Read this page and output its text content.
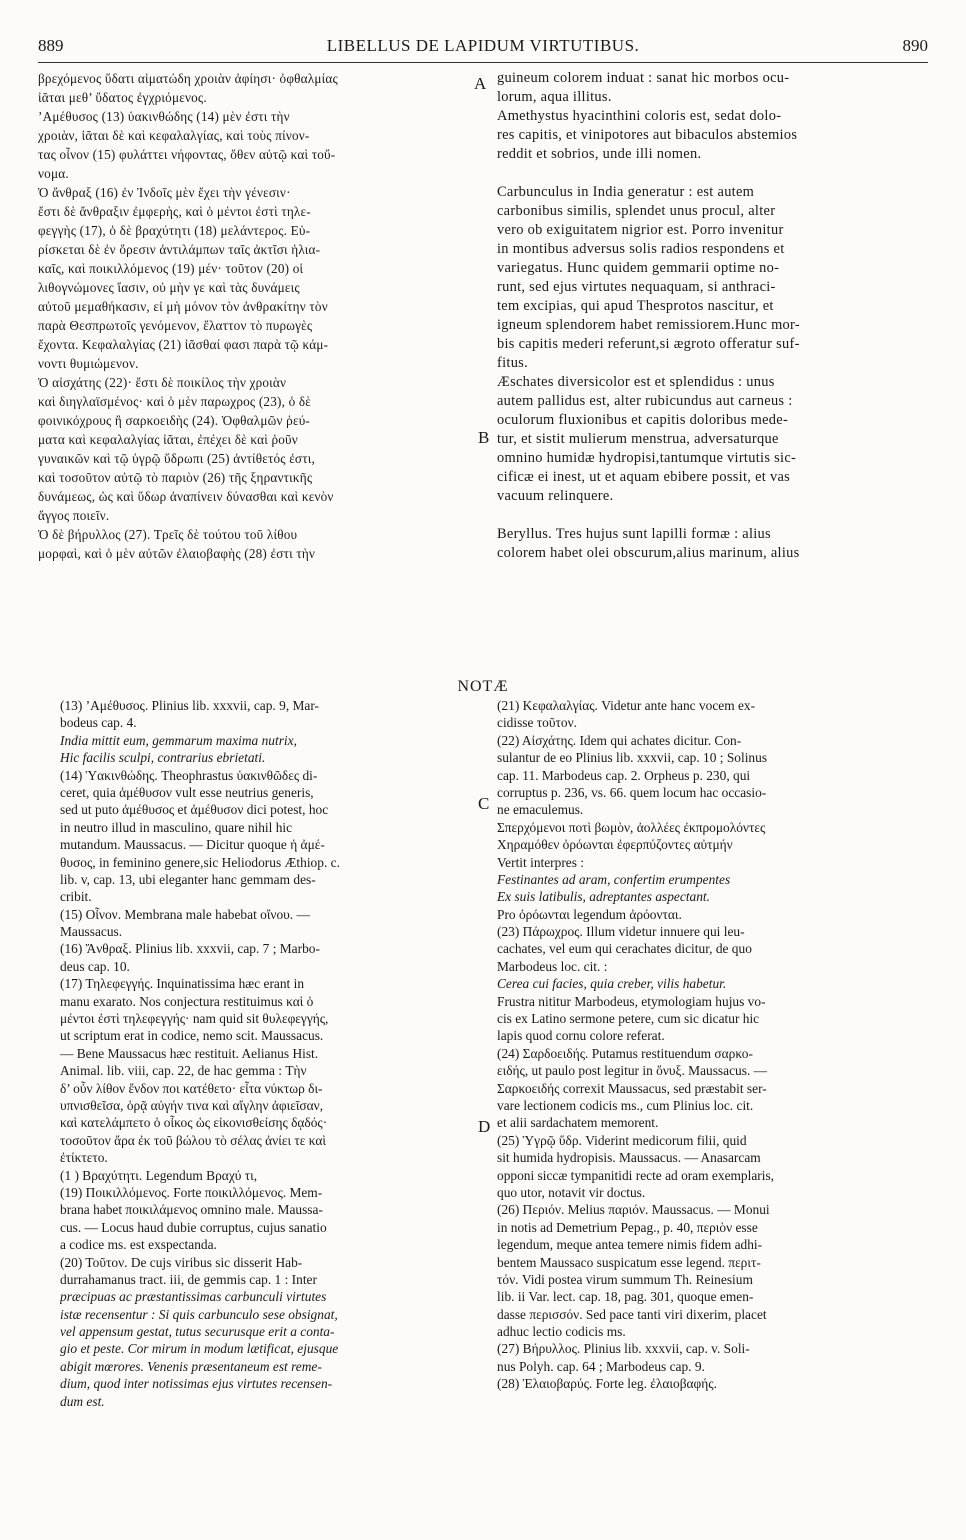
889	LIBELLUS DE LAPIDUM VIRTUTIBUS.	890
βρεχόμενος ὕδατι αἱματώδη χροιὰν ἀφίησι· ὀφθαλμίας
ἰᾶται μεθ’ ὕδατος ἐγχριόμενος.
’Αμέθυσος (13) ὑακινθώδης (14) μὲν ἐστι τὴν
χροιὰν, ἰᾶται δὲ καὶ κεφαλαλγίας, καὶ τοὺς πίνον-
τας οἶνον (15) φυλάττει νήφοντας, ὅθεν αὐτῷ καὶ τοὔ-
νομα.
Ὁ ἄνθραξ (16) ἐν Ἰνδοῖς μὲν ἔχει τὴν γένεσιν·
ἔστι δὲ ἄνθραξιν ἐμφερὴς, καὶ ὁ μέντοι ἐστὶ τηλε-
φεγγὴς (17), ὁ δὲ βραχύτητι (18) μελάντερος. Εὑ-
ρίσκεται δὲ ἐν ὄρεσιν ἀντιλάμπων ταῖς ἀκτῖσι ἡλια-
καῖς, καὶ ποικιλλόμενος (19) μέν· τοῦτον (20) οἱ
λιθογνώμονες ἴασιν, οὐ μὴν γε καὶ τὰς δυνάμεις
αὐτοῦ μεμαθήκασιν, εἰ μὴ μόνον τὸν ἀνθρακίτην τὸν
παρὰ Θεσπρωτοῖς γενόμενον, ἔλαττον τὸ πυρωγὲς
ἔχοντα. Κεφαλαλγίας (21) ἰᾶσθαί φασι παρὰ τῷ κάμ-
νοντι θυμιώμενον.
Ὁ αἰσχάτης (22)· ἔστι δὲ ποικίλος τὴν χροιὰν
καὶ διηγλαϊσμένος· καὶ ὁ μὲν παρωχρος (23), ὁ δὲ
φοινικόχρους ἢ σαρκοειδὴς (24). Ὀφθαλμῶν ῥεύ-
ματα καὶ κεφαλαλγίας ἰᾶται, ἐπέχει δὲ καὶ ῥοῦν
γυναικῶν καὶ τῷ ὑγρῷ ὕδρωπι (25) ἀντίθετός ἐστι,
καὶ τοσοῦτον αὐτῷ τὸ παριὸν (26) τῆς ξηραντικῆς
δυνάμεως, ὡς καὶ ὕδωρ ἀναπίνειν δύνασθαι καὶ κενὸν
ἄγγος ποιεῖν.
Ὁ δὲ βήρυλλος (27). Τρεῖς δὲ τούτου τοῦ λίθου
μορφαὶ, καὶ ὁ μὲν αὐτῶν ἐλαιοβαφὴς (28) ἐστι τὴν
guineum colorem induat : sanat hic morbos ocu-
lorum, aqua illitus.
Amethystus hyacinthini coloris est, sedat dolo-
res capitis, et vinipotores aut bibaculos abstemios
reddit et sobrios, unde illi nomen.

Carbunculus in India generatur : est autem
carbonibus similis, splendet unus procul, alter
vero ob exiguitatem nigrior est. Porro invenitur
in montibus adversus solis radios respondens et
variegatus. Hunc quidem gemmarii optime no-
runt, sed ejus virtutes nequaquam, si anthraci-
tem excipias, qui apud Thesprotos nascitur, et
igneum splendorem habet remissiorem.Hunc mor-
bis capitis mederi referunt,si ægroto offeratur suf-
fitus.
Æschates diversicolor est et splendidus : unus
autem pallidus est, alter rubicundus aut carneus :
oculorum fluxionibus et capitis doloribus mede-
tur, et sistit mulierum menstrua, adversaturque
omnino humidæ hydropisi,tantumque virtutis sic-
cificæ ei inest, ut et aquam ebibere possit, et vas
vacuum relinquere.

Beryllus. Tres hujus sunt lapilli formæ : alius
colorem habet olei obscurum,alius marinum, alius
A
B
C
D
NOTÆ
(13) ’Αμέθυσος. Plinius lib. xxxvii, cap. 9, Mar-
bodeus cap. 4.
India mittit eum, gemmarum maxima nutrix,
Hic facilis sculpi, contrarius ebrietati.
(14) Ὑακινθώδης. Theophrastus ὑακινθῶδες di-
ceret, quia ἀμέθυσον vult esse neutrius generis,
sed ut puto ἀμέθυσος et ἀμέθυσον dici potest, hoc
in neutro illud in masculino, quare nihil hic
mutandum. Maussacus. — Dicitur quoque ἡ ἀμέ-
θυσος, in feminino genere,sic Heliodorus Æthiop. c.
lib. v, cap. 13, ubi eleganter hanc gemmam des-
cribit.
(15) Οἶνον. Membrana male habebat οἴνου. —
Maussacus.
(16) Ἄνθραξ. Plinius lib. xxxvii, cap. 7 ; Marbo-
deus cap. 10.
(17) Τηλεφεγγής. Inquinatissima hæc erant in
manu exarato. Nos conjectura restituimus καὶ ὁ
μέντοι ἐστὶ τηλεφεγγής· nam quid sit θυλεφεγγής,
ut scriptum erat in codice, nemo scit. Maussacus.
— Bene Maussacus hæc restituit. Aelianus Hist.
Animal. lib. viii, cap. 22, de hac gemma : Τὴν
δ’ οὖν λίθον ἔνδον ποι κατέθετο· εἶτα νύκτωρ δι-
υπνισθεῖσα, ὁρᾷ αὐγήν τινα καὶ αἴγλην ἀφιεῖσαν,
καὶ κατελάμπετο ὁ οἶκος ὡς εἰκονισθείσης δᾳδός·
τοσοῦτον ἄρα ἐκ τοῦ βώλου τὸ σέλας ἀνίει τε καὶ
ἐτίκτετο.
(1 ) Βραχύτητι. Legendum Βραχύ τι,
(19) Ποικιλλόμενος. Forte ποικιλλόμενος. Mem-
brana habet ποικιλάμενος omnino male. Maussa-
cus. — Locus haud dubie corruptus, cujus sanatio
a codice ms. est exspectanda.
(20) Τοῦτον. De cujs viribus sic disserit Hab-
durrahamanus tract. iii, de gemmis cap. 1 : Inter
præcipuas ac præstantissimas carbunculi virtutes
istæ recensentur : Si quis carbunculo sese obsignat,
vel appensum gestat, tutus securusque erit a conta-
gio et peste. Cor mirum in modum lætificat, ejusque
abigit mœrores. Venenis præsentaneum est reme-
dium, quod inter notissimas ejus virtutes recensen-
dum est.
(21) Κεφαλαλγίας. Videtur ante hanc vocem ex-
cidisse τοῦτον.
(22) Αἰσχάτης. Idem qui achates dicitur. Con-
sulantur de eo Plinius lib. xxxvii, cap. 10 ; Solinus
cap. 11. Marbodeus cap. 2. Orpheus p. 230, qui
corruptus p. 236, vs. 66. quem locum hac occasio-
ne emaculemus.
Σπερχόμενοι ποτὶ βωμὸν, ἀολλέες ἐκπρομολόντες
Χηραμόθεν ὀρόωνται ἐφερπύζοντες αὐτμήν
Vertit interpres :
Festinantes ad aram, confertim erumpentes
Ex suis latibulis, adreptantes aspectant.
Pro ὀρόωνται legendum ἀρόονται.
(23) Πάρωχρος. Illum videtur innuere qui leu-
cachates, vel eum qui cerachates dicitur, de quo
Marbodeus loc. cit. :
Cerea cui facies, quia creber, vilis habetur.
Frustra nititur Marbodeus, etymologiam hujus vo-
cis ex Latino sermone petere, cum sic dicatur hic
lapis quod cornu colore referat.
(24) Σαρδοειδής. Putamus restituendum σαρκο-
ειδής, ut paulo post legitur in ὄνυξ. Maussacus. —
Σαρκοειδής correxit Maussacus, sed præstabit ser-
vare lectionem codicis ms., cum Plinius loc. cit.
et alii sardachatem memorent.
(25) Ὑγρῷ ὕδρ. Viderint medicorum filii, quid
sit humida hydropisis. Maussacus. — Anasarcam
opponi siccæ tympanitidi recte ad oram exemplaris,
quo utor, notavit vir doctus.
(26) Περιόν. Melius παριόν. Maussacus. — Monui
in notis ad Demetrium Pepag., p. 40, περιὸν esse
legendum, meque antea temere nimis fidem adhi-
bentem Maussaco suspicatum esse legend. περιτ-
τόν. Vidi postea virum summum Th. Reinesium
lib. ii Var. lect. cap. 18, pag. 301, quoque emen-
dasse περισσόν. Sed pace tanti viri dixerim, placet
adhuc lectio codicis ms.
(27) Βήρυλλος. Plinius lib. xxxvii, cap. v. Soli-
nus Polyh. cap. 64 ; Marbodeus cap. 9.
(28) Ἐλαιοβαρύς. Forte leg. ἐλαιοβαφής.
